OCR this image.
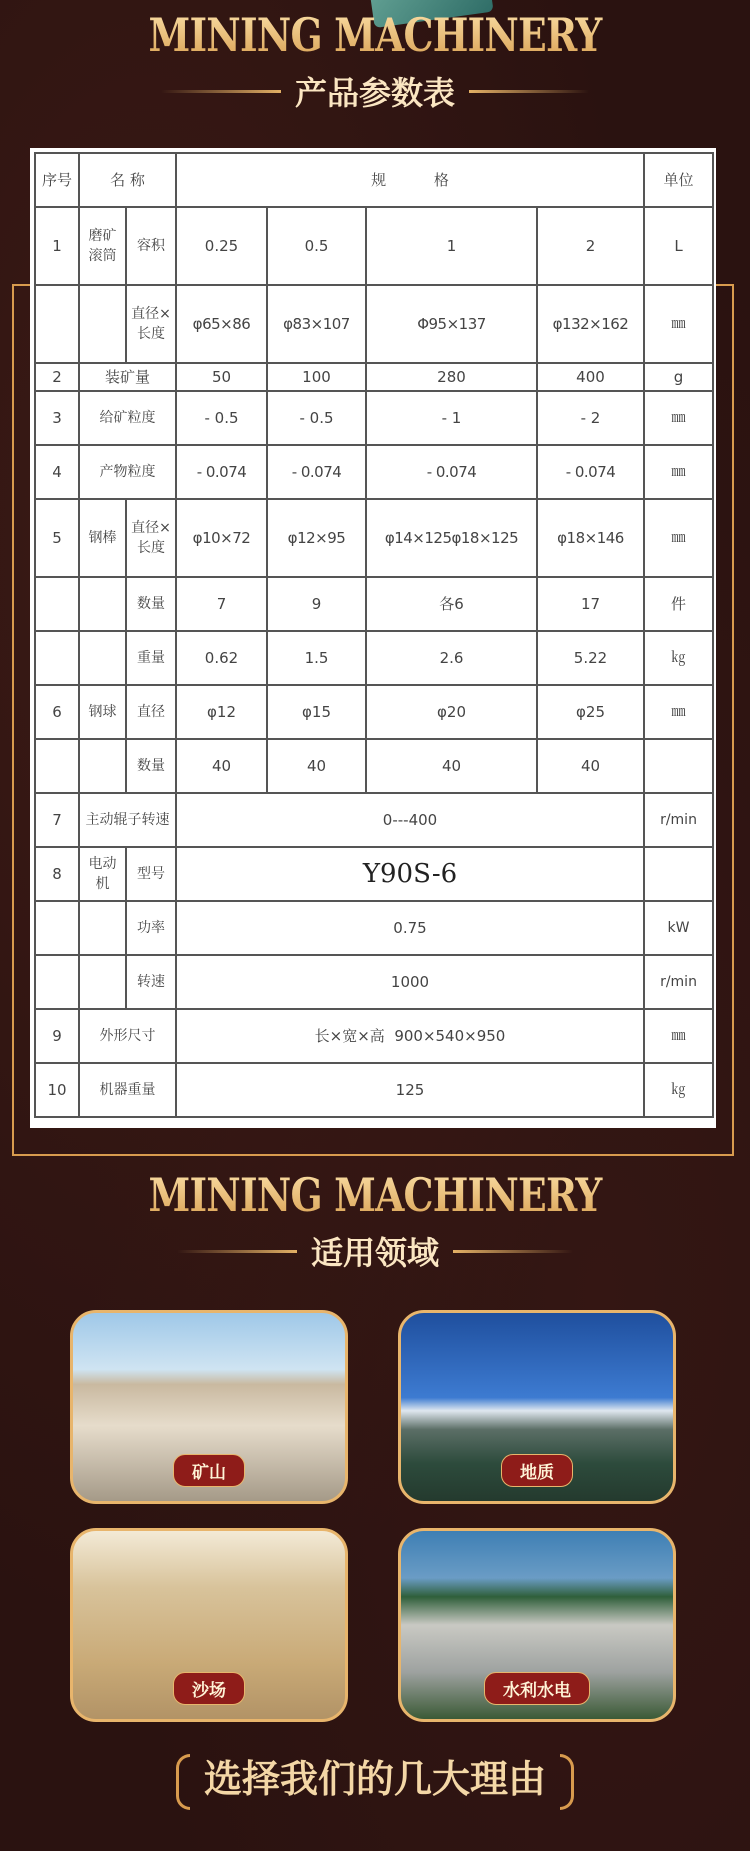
MINING MACHINERY
产品参数表
序号	名 称		规          格				单位
1	磨矿滚筒	容积	0.25	0.5	1	2	L
		直径×长度	φ65×86	φ83×107	Φ95×137	φ132×162	㎜
2	装矿量		50	100	280	400	g
3	给矿粒度		- 0.5	- 0.5	- 1	- 2	㎜
4	产物粒度		- 0.074	- 0.074	- 0.074	- 0.074	㎜
5	钢棒	直径×长度	φ10×72	φ12×95	φ14×125φ18×125	φ18×146	㎜
		数量	7	9	各6	17	件
		重量	0.62	1.5	2.6	5.22	㎏
6	钢球	直径	φ12	φ15	φ20	φ25	㎜
		数量	40	40	40	40	
7	主动辊子转速		0---400				r/min
8	电动机	型号	Y90S-6				
		功率	0.75				kW
		转速	1000				r/min
9	外形尺寸		长×宽×高  900×540×950				㎜
10	机器重量		125				㎏
MINING MACHINERY
适用领域
矿山	地质
沙场	水利水电
选择我们的几大理由
